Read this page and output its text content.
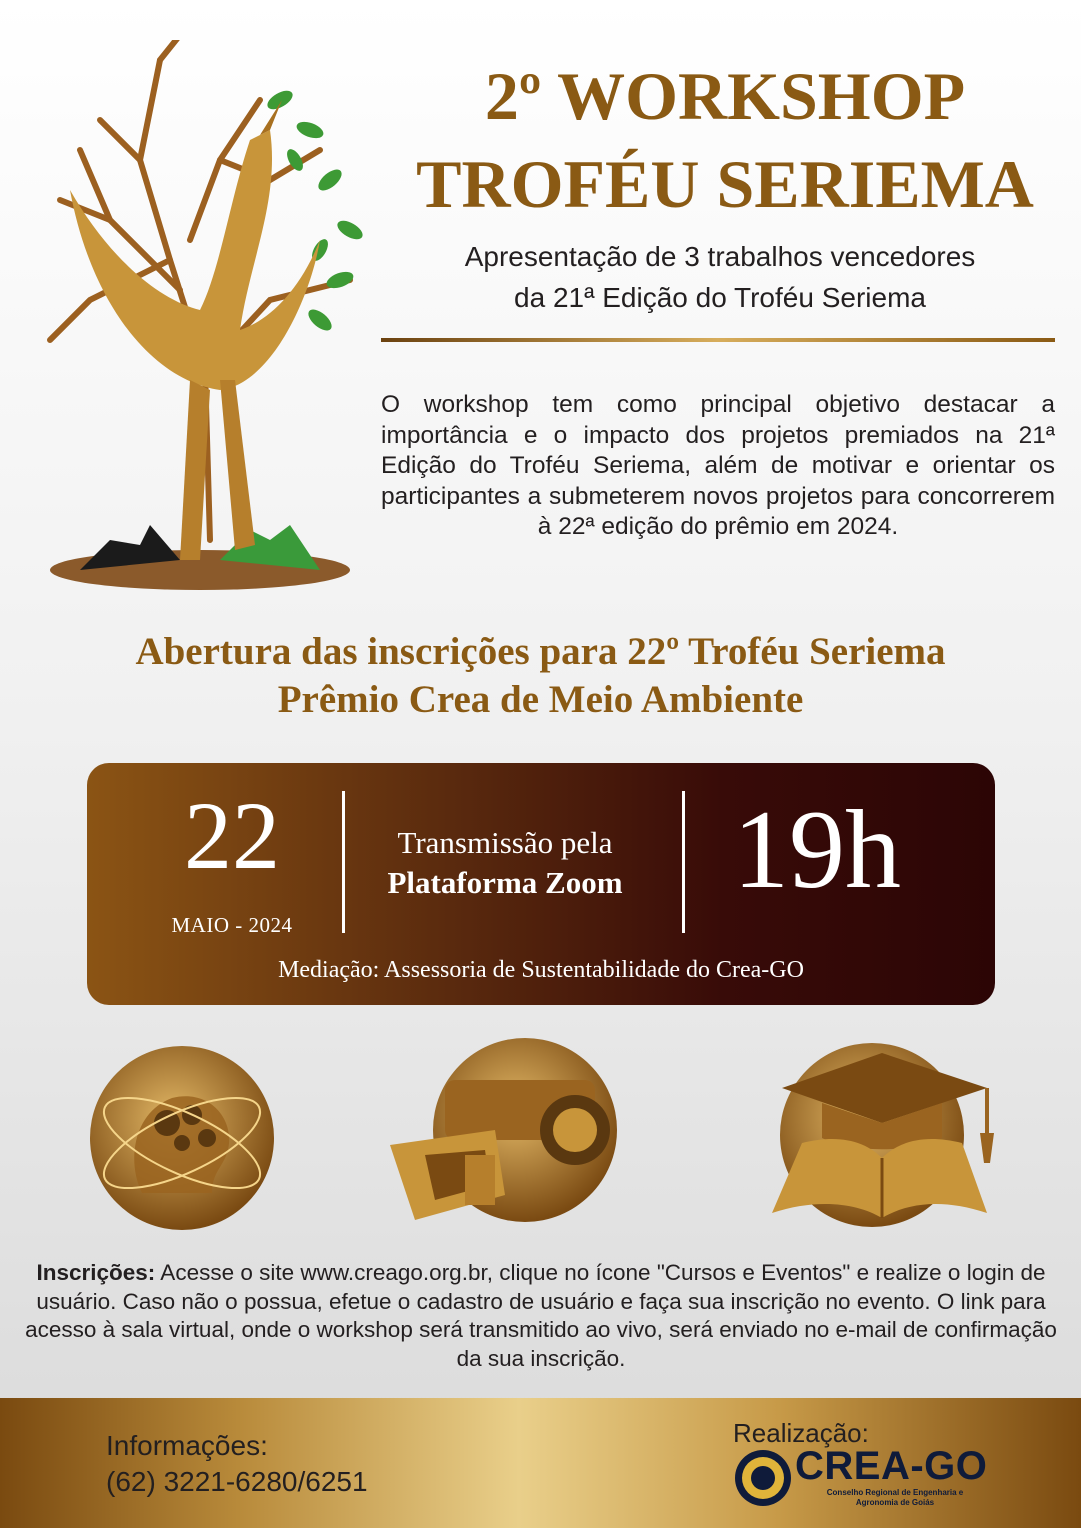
2º WORKSHOP
TROFÉU SERIEMA
Apresentação de 3 trabalhos vencedores
da 21ª Edição do Troféu Seriema
O workshop tem como principal objetivo destacar a importância e o impacto dos projetos premiados na 21ª Edição do Troféu Seriema, além de motivar e orientar os participantes a submeterem novos projetos para concorrerem à 22ª edição do prêmio em 2024.
Abertura das inscrições para 22º Troféu Seriema
Prêmio Crea de Meio Ambiente
22
MAIO - 2024
Transmissão pela
Plataforma Zoom 19h
Mediação: Assessoria de Sustentabilidade do Crea-GO
Inscrições: Acesse o site www.creago.org.br, clique no ícone "Cursos e Eventos" e realize o login de usuário. Caso não o possua, efetue o cadastro de usuário e faça sua inscrição no evento. O link para acesso à sala virtual, onde o workshop será transmitido ao vivo, será enviado no e-mail de confirmação da sua inscrição.
Informações:
(62) 3221-6280/6251
Realização:
CREA-GO
Conselho Regional de Engenharia e Agronomia de Goiás
